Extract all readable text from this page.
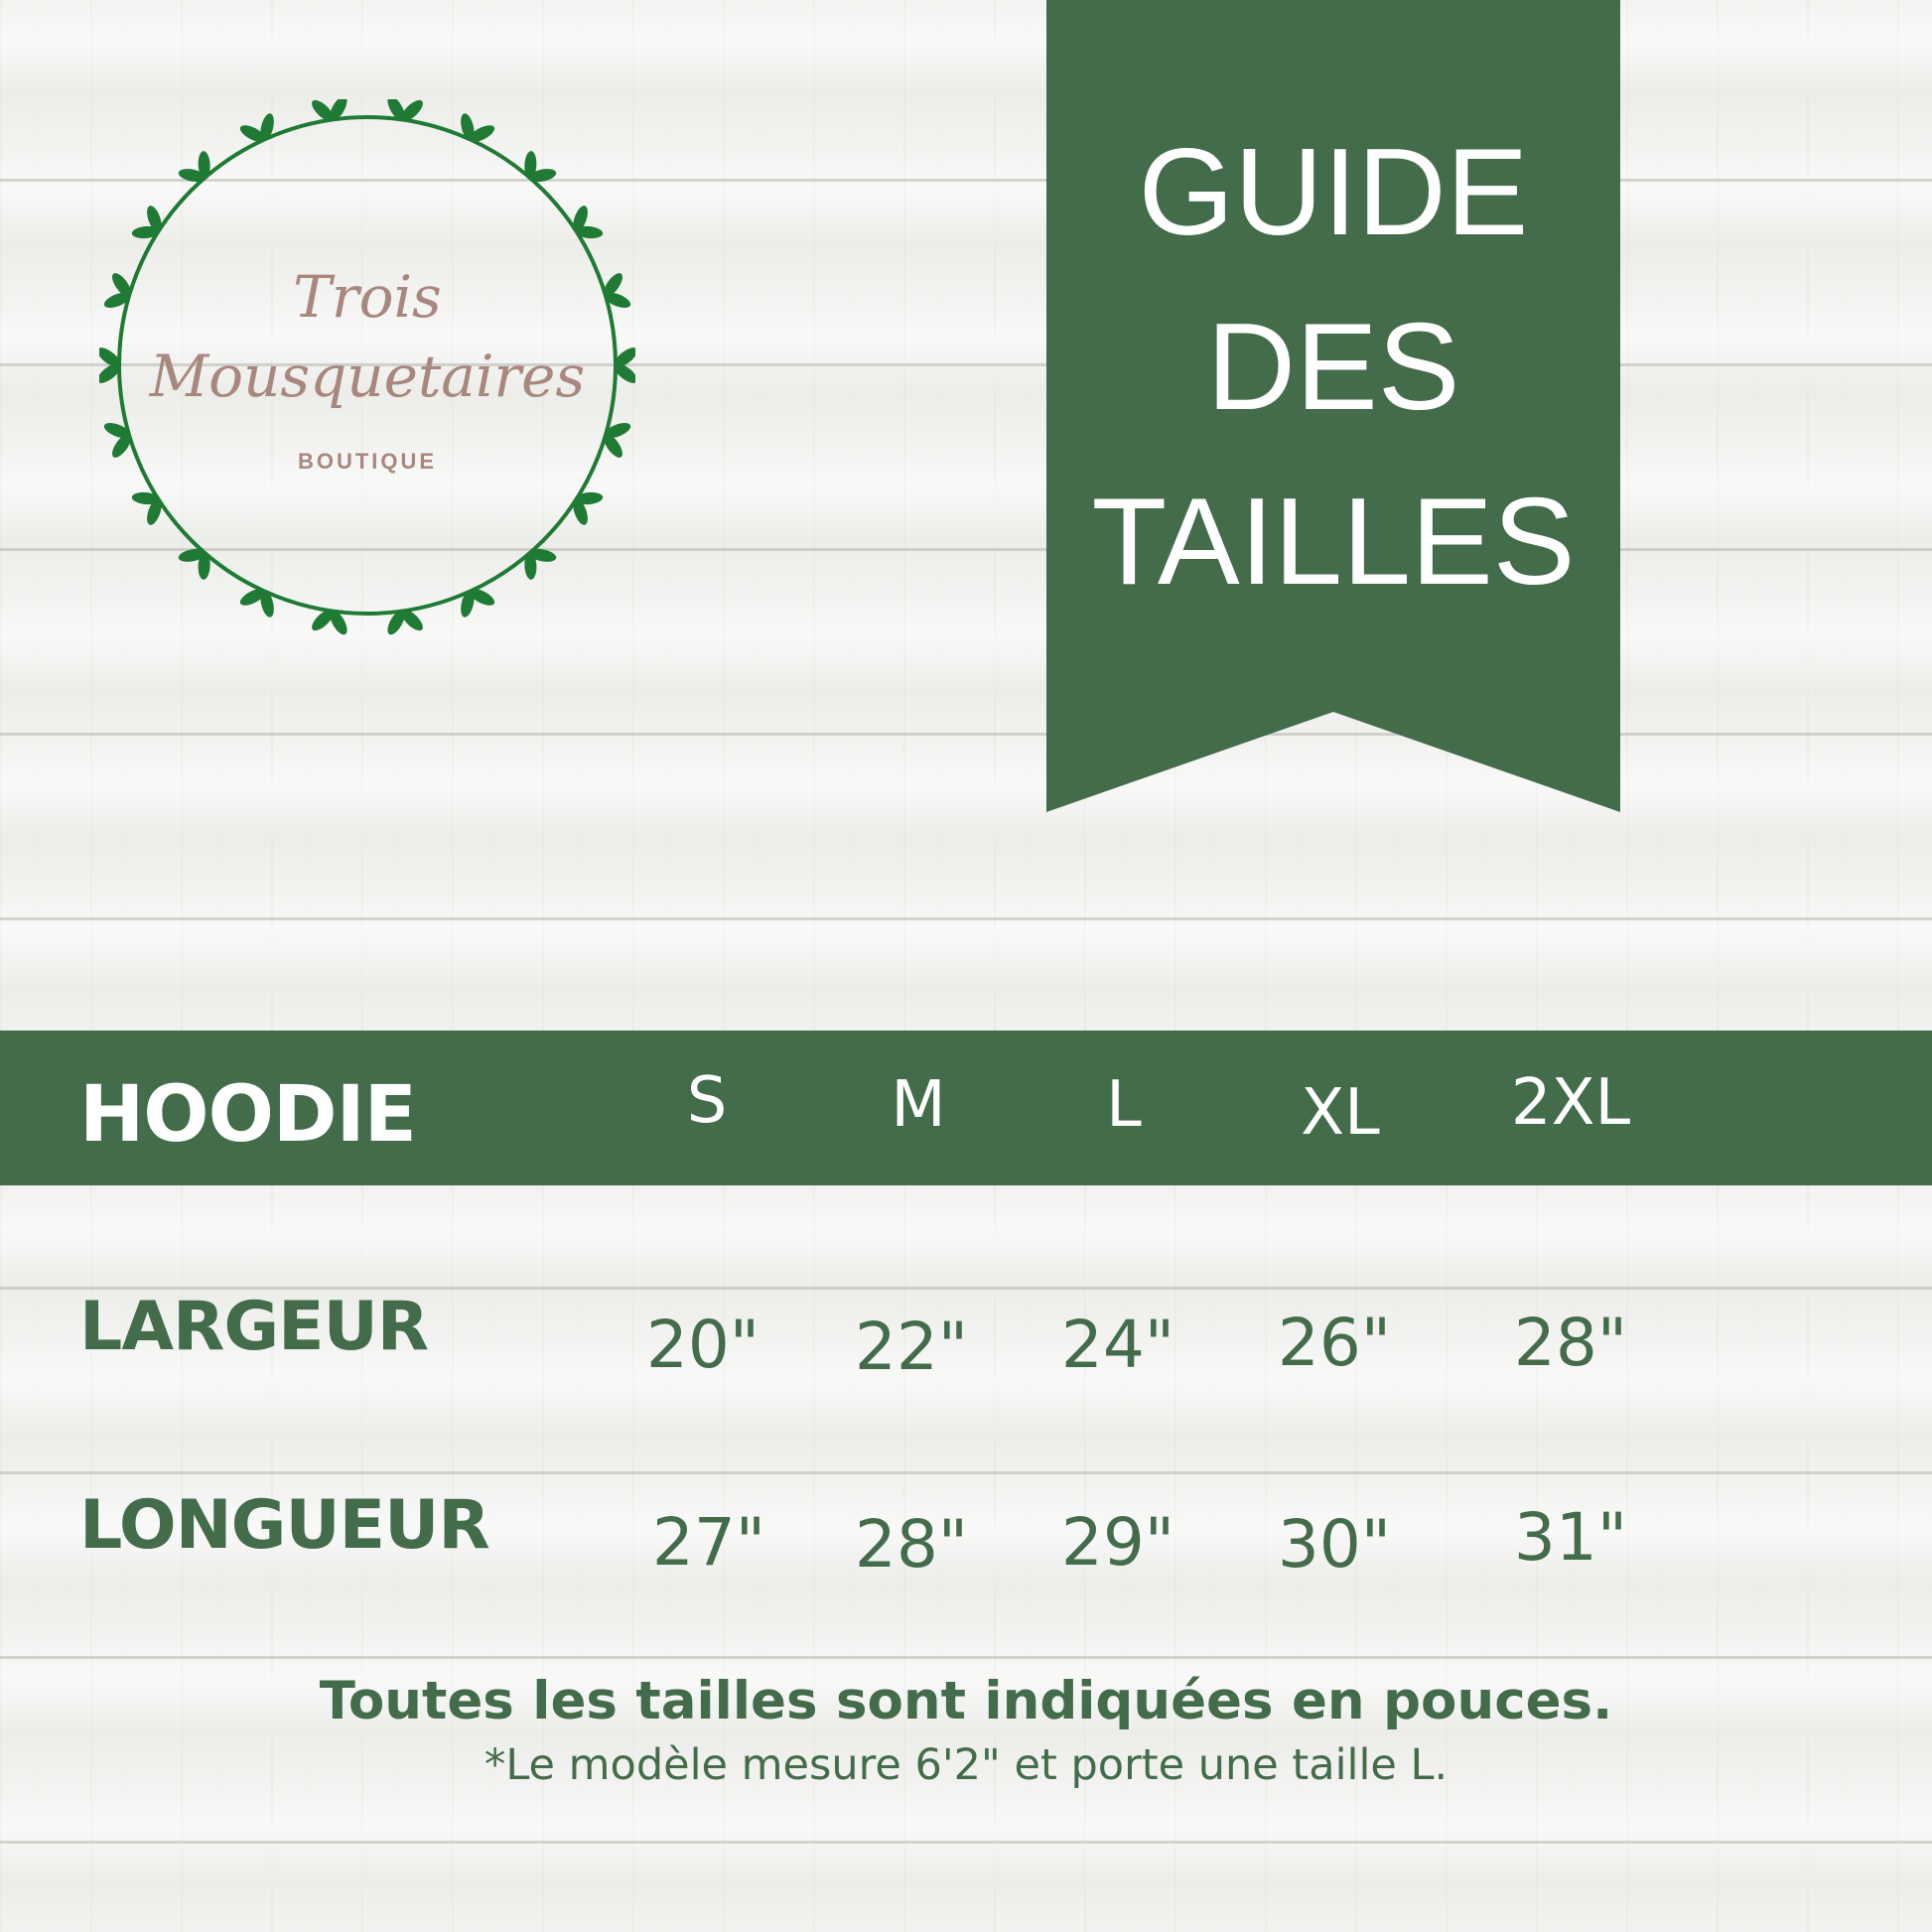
Trois
Mousquetaires
BOUTIQUE
GUIDE
DES
TAILLES
HOODIE	S	M	L	XL	2XL
LARGEUR	20"	22"	24"	26"	28"
LONGUEUR	27"	28"	29"	30"	31"
Toutes les tailles sont indiquées en pouces.
*Le modèle mesure 6'2" et porte une taille L.
